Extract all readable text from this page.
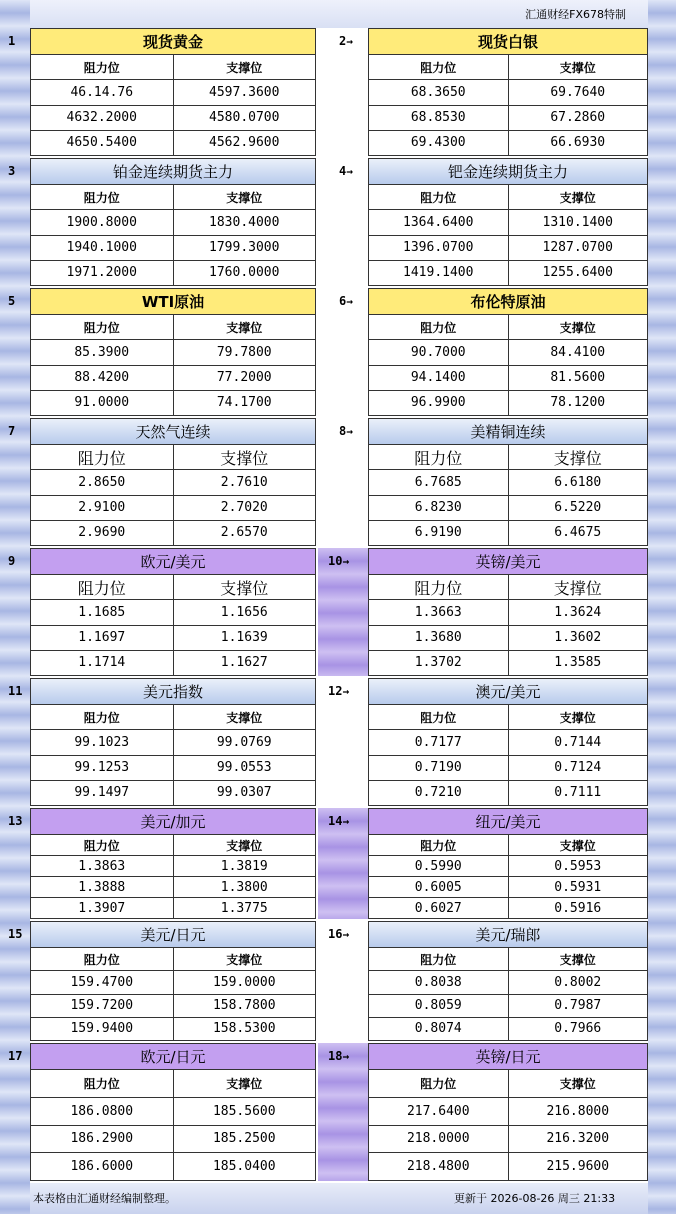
汇通财经FX678特制
1	2→
现货黄金
阻力位	支撑位
46.14.76	4597.3600
4632.2000	4580.0700
4650.5400	4562.9600
现货白银
阻力位	支撑位
68.3650	69.7640
68.8530	67.2860
69.4300	66.6930
3	4→
铂金连续期货主力
阻力位	支撑位
1900.8000	1830.4000
1940.1000	1799.3000
1971.2000	1760.0000
钯金连续期货主力
阻力位	支撑位
1364.6400	1310.1400
1396.0700	1287.0700
1419.1400	1255.6400
5	6→
WTI原油
阻力位	支撑位
85.3900	79.7800
88.4200	77.2000
91.0000	74.1700
布伦特原油
阻力位	支撑位
90.7000	84.4100
94.1400	81.5600
96.9900	78.1200
7	8→
天然气连续
阻力位	支撑位
2.8650	2.7610
2.9100	2.7020
2.9690	2.6570
美精铜连续
阻力位	支撑位
6.7685	6.6180
6.8230	6.5220
6.9190	6.4675
9	10→
欧元/美元
阻力位	支撑位
1.1685	1.1656
1.1697	1.1639
1.1714	1.1627
英镑/美元
阻力位	支撑位
1.3663	1.3624
1.3680	1.3602
1.3702	1.3585
11	12→
美元指数
阻力位	支撑位
99.1023	99.0769
99.1253	99.0553
99.1497	99.0307
澳元/美元
阻力位	支撑位
0.7177	0.7144
0.7190	0.7124
0.7210	0.7111
13	14→
美元/加元
阻力位	支撑位
1.3863	1.3819
1.3888	1.3800
1.3907	1.3775
纽元/美元
阻力位	支撑位
0.5990	0.5953
0.6005	0.5931
0.6027	0.5916
15	16→
美元/日元
阻力位	支撑位
159.4700	159.0000
159.7200	158.7800
159.9400	158.5300
美元/瑞郎
阻力位	支撑位
0.8038	0.8002
0.8059	0.7987
0.8074	0.7966
17	18→
欧元/日元
阻力位	支撑位
186.0800	185.5600
186.2900	185.2500
186.6000	185.0400
英镑/日元
阻力位	支撑位
217.6400	216.8000
218.0000	216.3200
218.4800	215.9600
本表格由汇通财经编制整理。	更新于 2026-08-26 周三 21:33
